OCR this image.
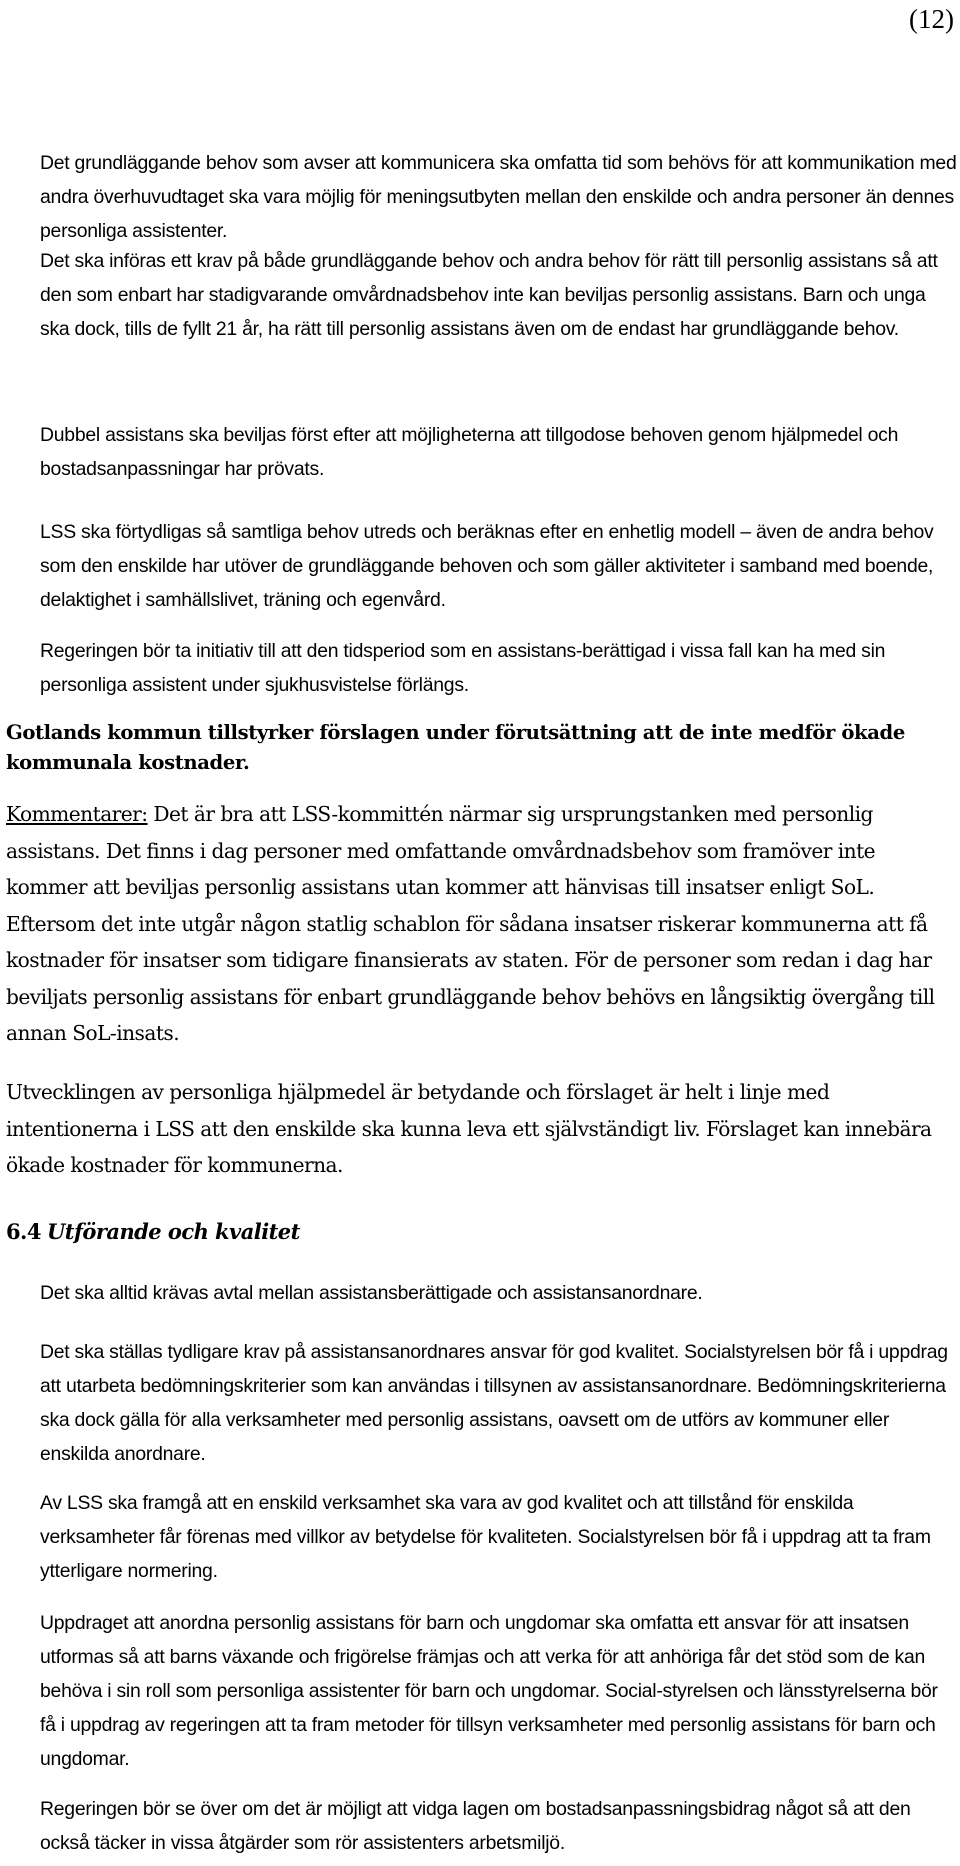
(12)

Det grundläggande behov som avser att kommunicera ska omfatta tid som behövs för att kommunikation med andra överhuvudtaget ska vara möjlig för meningsutbyten mellan den enskilde och andra personer än dennes personliga assistenter.

Det ska införas ett krav på både grundläggande behov och andra behov för rätt till personlig assistans så att den som enbart har stadigvarande omvårdnadsbehov inte kan beviljas personlig assistans. Barn och unga ska dock, tills de fyllt 21 år, ha rätt till personlig assistans även om de endast har grundläggande behov.

Dubbel assistans ska beviljas först efter att möjligheterna att tillgodose behoven genom hjälpmedel och bostadsanpassningar har prövats.

LSS ska förtydligas så samtliga behov utreds och beräknas efter en enhetlig modell – även de andra behov som den enskilde har utöver de grundläggande behoven och som gäller aktiviteter i samband med boende, delaktighet i samhällslivet, träning och egenvård.

Regeringen bör ta initiativ till att den tidsperiod som en assistans-berättigad i vissa fall kan ha med sin personliga assistent under sjukhusvistelse förlängs.

Gotlands kommun tillstyrker förslagen under förutsättning att de inte medför ökade kommunala kostnader.

Kommentarer: Det är bra att LSS-kommittén närmar sig ursprungstanken med personlig assistans. Det finns i dag personer med omfattande omvårdnadsbehov som framöver inte kommer att beviljas personlig assistans utan kommer att hänvisas till insatser enligt SoL. Eftersom det inte utgår någon statlig schablon för sådana insatser riskerar kommunerna att få kostnader för insatser som tidigare finansierats av staten. För de personer som redan i dag har beviljats personlig assistans för enbart grundläggande behov behövs en långsiktig övergång till annan SoL-insats.

Utvecklingen av personliga hjälpmedel är betydande och förslaget är helt i linje med intentionerna i LSS att den enskilde ska kunna leva ett självständigt liv. Förslaget kan innebära ökade kostnader för kommunerna.

6.4 Utförande och kvalitet

Det ska alltid krävas avtal mellan assistansberättigade och assistansanordnare.

Det ska ställas tydligare krav på assistansanordnares ansvar för god kvalitet. Socialstyrelsen bör få i uppdrag att utarbeta bedömningskriterier som kan användas i tillsynen av assistansanordnare. Bedömningskriterierna ska dock gälla för alla verksamheter med personlig assistans, oavsett om de utförs av kommuner eller enskilda anordnare.

Av LSS ska framgå att en enskild verksamhet ska vara av god kvalitet och att tillstånd för enskilda verksamheter får förenas med villkor av betydelse för kvaliteten. Socialstyrelsen bör få i uppdrag att ta fram ytterligare normering.

Uppdraget att anordna personlig assistans för barn och ungdomar ska omfatta ett ansvar för att insatsen utformas så att barns växande och frigörelse främjas och att verka för att anhöriga får det stöd som de kan behöva i sin roll som personliga assistenter för barn och ungdomar. Social-styrelsen och länsstyrelserna bör få i uppdrag av regeringen att ta fram metoder för tillsyn verksamheter med personlig assistans för barn och ungdomar.

Regeringen bör se över om det är möjligt att vidga lagen om bostadsanpassningsbidrag något så att den också täcker in vissa åtgärder som rör assistenters arbetsmiljö.
